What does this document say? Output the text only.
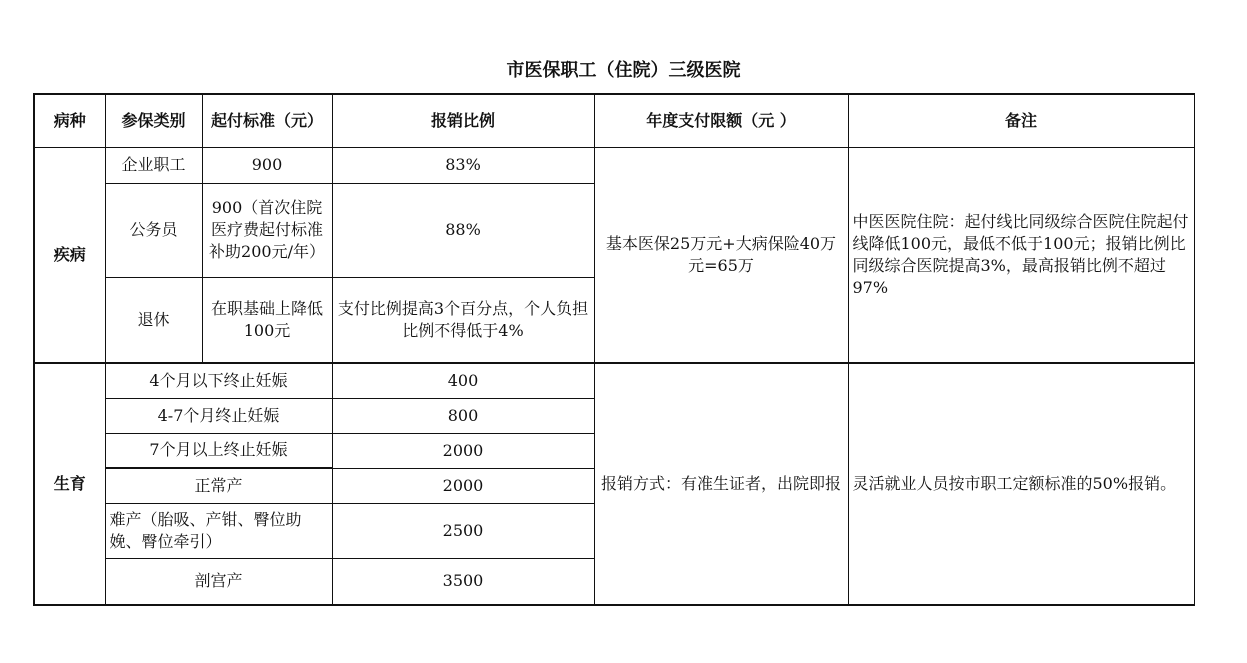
市医保职工（住院）三级医院
病种	参保类别	起付标准（元）	报销比例	年度支付限额（元 ）	备注
疾病	企业职工	900	83%	基本医保25万元+大病保险40万元=65万	中医医院住院：起付线比同级综合医院住院起付线降低100元，最低不低于100元；报销比例比同级综合医院提高3%，最高报销比例不超过97%
	公务员	900（首次住院医疗费起付标准补助200元/年）	88%		
	退休	在职基础上降低100元	支付比例提高3个百分点，个人负担比例不得低于4%		
生育	4个月以下终止妊娠		400	报销方式：有准生证者，出院即报	灵活就业人员按市职工定额标准的50%报销。
	4-7个月终止妊娠		800		
	7个月以上终止妊娠		2000		
	正常产		2000		
	难产（胎吸、产钳、臀位助娩、臀位牵引）		2500		
	剖宫产		3500		
